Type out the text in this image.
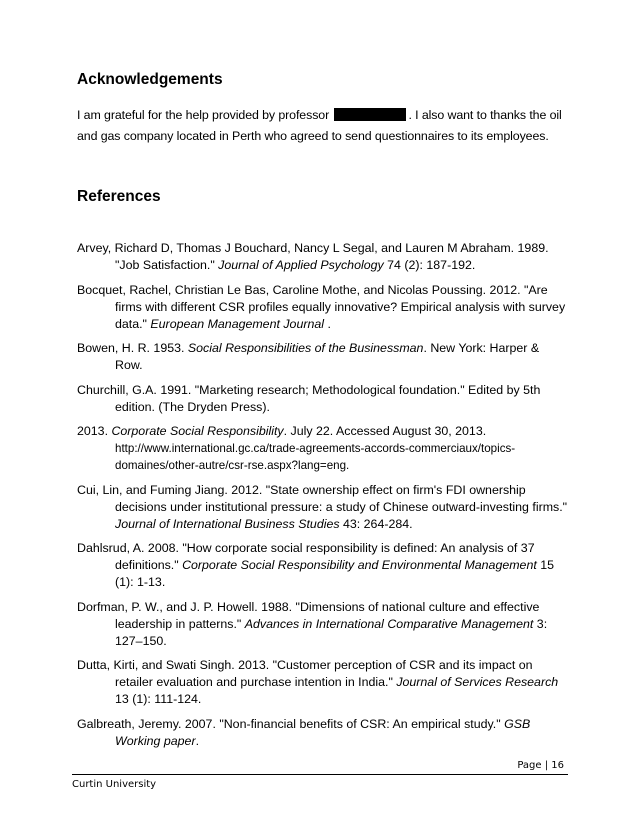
Acknowledgements

I am grateful for the help provided by professor	. I also want to thanks the oil and gas company located in Perth who agreed to send questionnaires to its employees.

References
Arvey, Richard D, Thomas J Bouchard, Nancy L Segal, and Lauren M Abraham. 1989. "Job Satisfaction." Journal of Applied Psychology 74 (2): 187-192.
Bocquet, Rachel, Christian Le Bas, Caroline Mothe, and Nicolas Poussing. 2012. "Are firms with different CSR profiles equally innovative? Empirical analysis with survey data." European Management Journal .
Bowen, H. R. 1953. Social Responsibilities of the Businessman. New York: Harper & Row.
Churchill, G.A. 1991. "Marketing research; Methodological foundation." Edited by 5th edition. (The Dryden Press).
2013. Corporate Social Responsibility. July 22. Accessed August 30, 2013. http://www.international.gc.ca/trade-agreements-accords-commerciaux/topics-domaines/other-autre/csr-rse.aspx?lang=eng.
Cui, Lin, and Fuming Jiang. 2012. "State ownership effect on firm's FDI ownership decisions under institutional pressure: a study of Chinese outward-investing firms." Journal of International Business Studies 43: 264-284.
Dahlsrud, A. 2008. "How corporate social responsibility is defined: An analysis of 37 definitions." Corporate Social Responsibility and Environmental Management 15 (1): 1-13.
Dorfman, P. W., and J. P. Howell. 1988. "Dimensions of national culture and effective leadership in patterns." Advances in International Comparative Management 3: 127–150.
Dutta, Kirti, and Swati Singh. 2013. "Customer perception of CSR and its impact on retailer evaluation and purchase intention in India." Journal of Services Research 13 (1): 111-124.
Galbreath, Jeremy. 2007. "Non-financial benefits of CSR: An empirical study." GSB Working paper.
Page | 16
Curtin University
